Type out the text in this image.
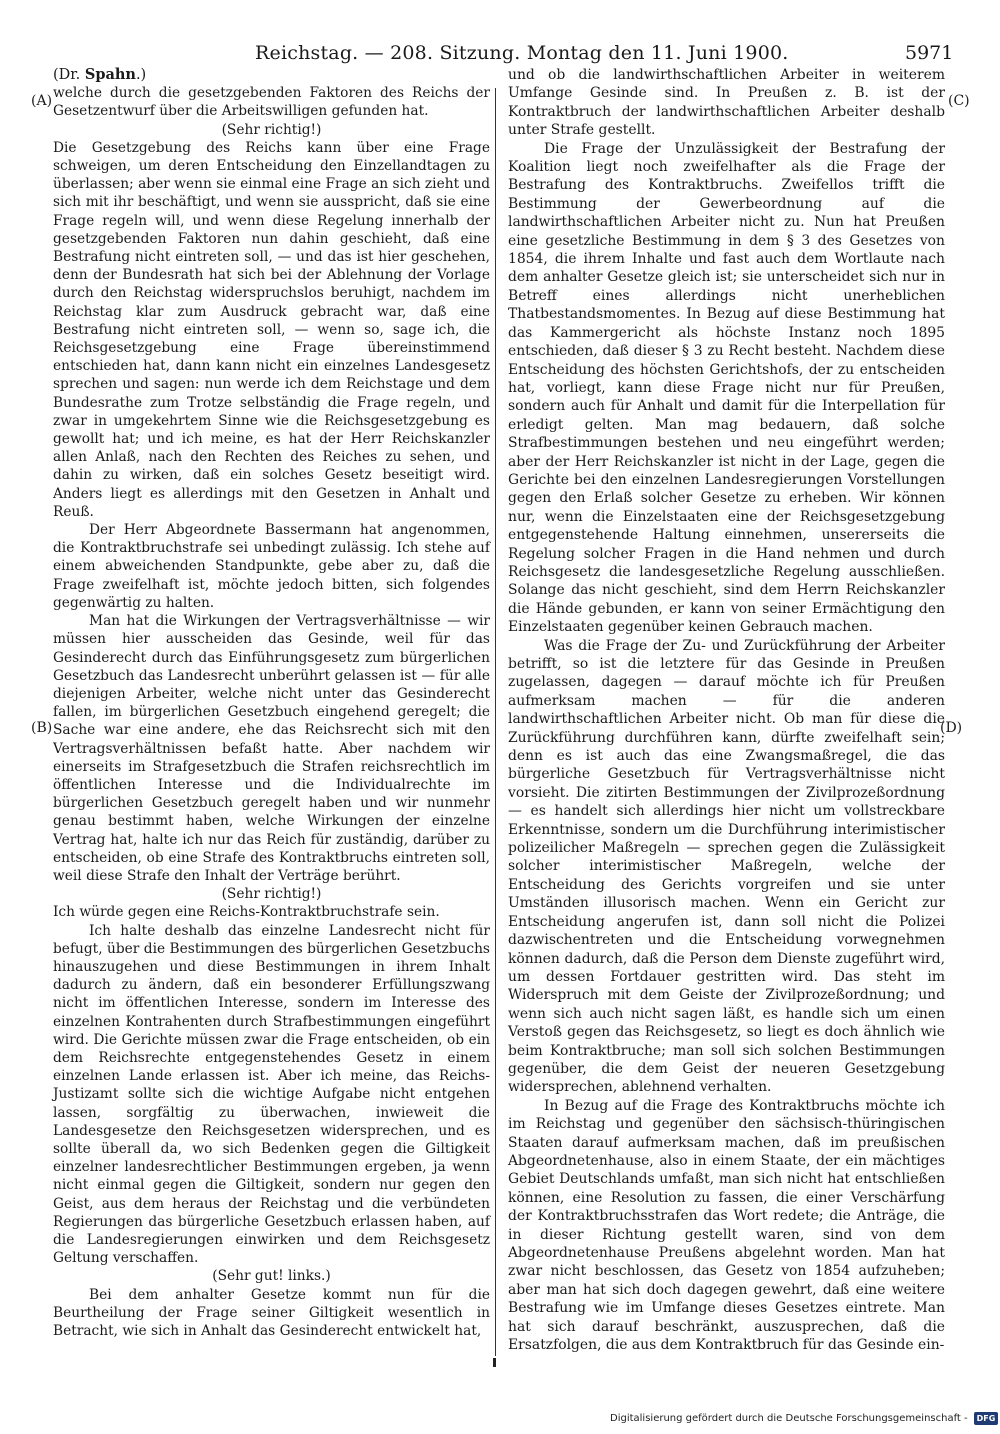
Reichstag. — 208. Sitzung. Montag den 11. Juni 1900.	5971
(A)
(B)
(C)
(D)

(Dr. Spahn.)

welche durch die gesetzgebenden Faktoren des Reichs der Gesetzentwurf über die Arbeitswilligen gefunden hat.

(Sehr richtig!)

Die Gesetzgebung des Reichs kann über eine Frage schweigen, um deren Entscheidung den Einzellandtagen zu überlassen; aber wenn sie einmal eine Frage an sich zieht und sich mit ihr beschäftigt, und wenn sie ausspricht, daß sie eine Frage regeln will, und wenn diese Regelung innerhalb der gesetzgebenden Faktoren nun dahin geschieht, daß eine Bestrafung nicht eintreten soll, — und das ist hier geschehen, denn der Bundesrath hat sich bei der Ablehnung der Vorlage durch den Reichstag widerspruchslos beruhigt, nachdem im Reichstag klar zum Ausdruck gebracht war, daß eine Bestrafung nicht eintreten soll, — wenn so, sage ich, die Reichsgesetzgebung eine Frage übereinstimmend entschieden hat, dann kann nicht ein einzelnes Landesgesetz sprechen und sagen: nun werde ich dem Reichstage und dem Bundesrathe zum Trotze selbständig die Frage regeln, und zwar in umgekehrtem Sinne wie die Reichsgesetzgebung es gewollt hat; und ich meine, es hat der Herr Reichskanzler allen Anlaß, nach den Rechten des Reiches zu sehen, und dahin zu wirken, daß ein solches Gesetz beseitigt wird. Anders liegt es allerdings mit den Gesetzen in Anhalt und Reuß.

Der Herr Abgeordnete Bassermann hat angenommen, die Kontraktbruchstrafe sei unbedingt zulässig. Ich stehe auf einem abweichenden Standpunkte, gebe aber zu, daß die Frage zweifelhaft ist, möchte jedoch bitten, sich folgendes gegenwärtig zu halten.

Man hat die Wirkungen der Vertragsverhältnisse — wir müssen hier ausscheiden das Gesinde, weil für das Gesinderecht durch das Einführungsgesetz zum bürgerlichen Gesetzbuch das Landesrecht unberührt gelassen ist — für alle diejenigen Arbeiter, welche nicht unter das Gesinderecht fallen, im bürgerlichen Gesetzbuch eingehend geregelt; die Sache war eine andere, ehe das Reichsrecht sich mit den Vertragsverhältnissen befaßt hatte. Aber nachdem wir einerseits im Strafgesetzbuch die Strafen reichsrechtlich im öffentlichen Interesse und die Individualrechte im bürgerlichen Gesetzbuch geregelt haben und wir nunmehr genau bestimmt haben, welche Wirkungen der einzelne Vertrag hat, halte ich nur das Reich für zuständig, darüber zu entscheiden, ob eine Strafe des Kontraktbruchs eintreten soll, weil diese Strafe den Inhalt der Verträge berührt.

(Sehr richtig!)

Ich würde gegen eine Reichs-Kontraktbruchstrafe sein.

Ich halte deshalb das einzelne Landesrecht nicht für befugt, über die Bestimmungen des bürgerlichen Gesetzbuchs hinauszugehen und diese Bestimmungen in ihrem Inhalt dadurch zu ändern, daß ein besonderer Erfüllungszwang nicht im öffentlichen Interesse, sondern im Interesse des einzelnen Kontrahenten durch Strafbestimmungen eingeführt wird. Die Gerichte müssen zwar die Frage entscheiden, ob ein dem Reichsrechte entgegenstehendes Gesetz in einem einzelnen Lande erlassen ist. Aber ich meine, das Reichs-Justizamt sollte sich die wichtige Aufgabe nicht entgehen lassen, sorgfältig zu überwachen, inwieweit die Landesgesetze den Reichsgesetzen widersprechen, und es sollte überall da, wo sich Bedenken gegen die Giltigkeit einzelner landesrechtlicher Bestimmungen ergeben, ja wenn nicht einmal gegen die Giltigkeit, sondern nur gegen den Geist, aus dem heraus der Reichstag und die verbündeten Regierungen das bürgerliche Gesetzbuch erlassen haben, auf die Landesregierungen einwirken und dem Reichsgesetz Geltung verschaffen.

(Sehr gut! links.)

Bei dem anhalter Gesetze kommt nun für die Beurtheilung der Frage seiner Giltigkeit wesentlich in Betracht, wie sich in Anhalt das Gesinderecht entwickelt hat,

und ob die landwirthschaftlichen Arbeiter in weiterem Umfange Gesinde sind. In Preußen z. B. ist der Kontraktbruch der landwirthschaftlichen Arbeiter deshalb unter Strafe gestellt.

Die Frage der Unzulässigkeit der Bestrafung der Koalition liegt noch zweifelhafter als die Frage der Bestrafung des Kontraktbruchs. Zweifellos trifft die Bestimmung der Gewerbeordnung auf die landwirthschaftlichen Arbeiter nicht zu. Nun hat Preußen eine gesetzliche Bestimmung in dem § 3 des Gesetzes von 1854, die ihrem Inhalte und fast auch dem Wortlaute nach dem anhalter Gesetze gleich ist; sie unterscheidet sich nur in Betreff eines allerdings nicht unerheblichen Thatbestandsmomentes. In Bezug auf diese Bestimmung hat das Kammergericht als höchste Instanz noch 1895 entschieden, daß dieser § 3 zu Recht besteht. Nachdem diese Entscheidung des höchsten Gerichtshofs, der zu entscheiden hat, vorliegt, kann diese Frage nicht nur für Preußen, sondern auch für Anhalt und damit für die Interpellation für erledigt gelten. Man mag bedauern, daß solche Strafbestimmungen bestehen und neu eingeführt werden; aber der Herr Reichskanzler ist nicht in der Lage, gegen die Gerichte bei den einzelnen Landesregierungen Vorstellungen gegen den Erlaß solcher Gesetze zu erheben. Wir können nur, wenn die Einzelstaaten eine der Reichsgesetzgebung entgegenstehende Haltung einnehmen, unsererseits die Regelung solcher Fragen in die Hand nehmen und durch Reichsgesetz die landesgesetzliche Regelung ausschließen. Solange das nicht geschieht, sind dem Herrn Reichskanzler die Hände gebunden, er kann von seiner Ermächtigung den Einzelstaaten gegenüber keinen Gebrauch machen.

Was die Frage der Zu- und Zurückführung der Arbeiter betrifft, so ist die letztere für das Gesinde in Preußen zugelassen, dagegen — darauf möchte ich für Preußen aufmerksam machen — für die anderen landwirthschaftlichen Arbeiter nicht. Ob man für diese die Zurückführung durchführen kann, dürfte zweifelhaft sein; denn es ist auch das eine Zwangsmaßregel, die das bürgerliche Gesetzbuch für Vertragsverhältnisse nicht vorsieht. Die zitirten Bestimmungen der Zivilprozeßordnung — es handelt sich allerdings hier nicht um vollstreckbare Erkenntnisse, sondern um die Durchführung interimistischer polizeilicher Maßregeln — sprechen gegen die Zulässigkeit solcher interimistischer Maßregeln, welche der Entscheidung des Gerichts vorgreifen und sie unter Umständen illusorisch machen. Wenn ein Gericht zur Entscheidung angerufen ist, dann soll nicht die Polizei dazwischentreten und die Entscheidung vorwegnehmen können dadurch, daß die Person dem Dienste zugeführt wird, um dessen Fortdauer gestritten wird. Das steht im Widerspruch mit dem Geiste der Zivilprozeßordnung; und wenn sich auch nicht sagen läßt, es handle sich um einen Verstoß gegen das Reichsgesetz, so liegt es doch ähnlich wie beim Kontraktbruche; man soll sich solchen Bestimmungen gegenüber, die dem Geist der neueren Gesetzgebung widersprechen, ablehnend verhalten.

In Bezug auf die Frage des Kontraktbruchs möchte ich im Reichstag und gegenüber den sächsisch-thüringischen Staaten darauf aufmerksam machen, daß im preußischen Abgeordnetenhause, also in einem Staate, der ein mächtiges Gebiet Deutschlands umfaßt, man sich nicht hat entschließen können, eine Resolution zu fassen, die einer Verschärfung der Kontraktbruchsstrafen das Wort redete; die Anträge, die in dieser Richtung gestellt waren, sind von dem Abgeordnetenhause Preußens abgelehnt worden. Man hat zwar nicht beschlossen, das Gesetz von 1854 aufzuheben; aber man hat sich doch dagegen gewehrt, daß eine weitere Bestrafung wie im Umfange dieses Gesetzes eintrete. Man hat sich darauf beschränkt, auszusprechen, daß die Ersatzfolgen, die aus dem Kontraktbruch für das Gesinde ein-

Digitalisierung gefördert durch die Deutsche Forschungsgemeinschaft -	DFG
